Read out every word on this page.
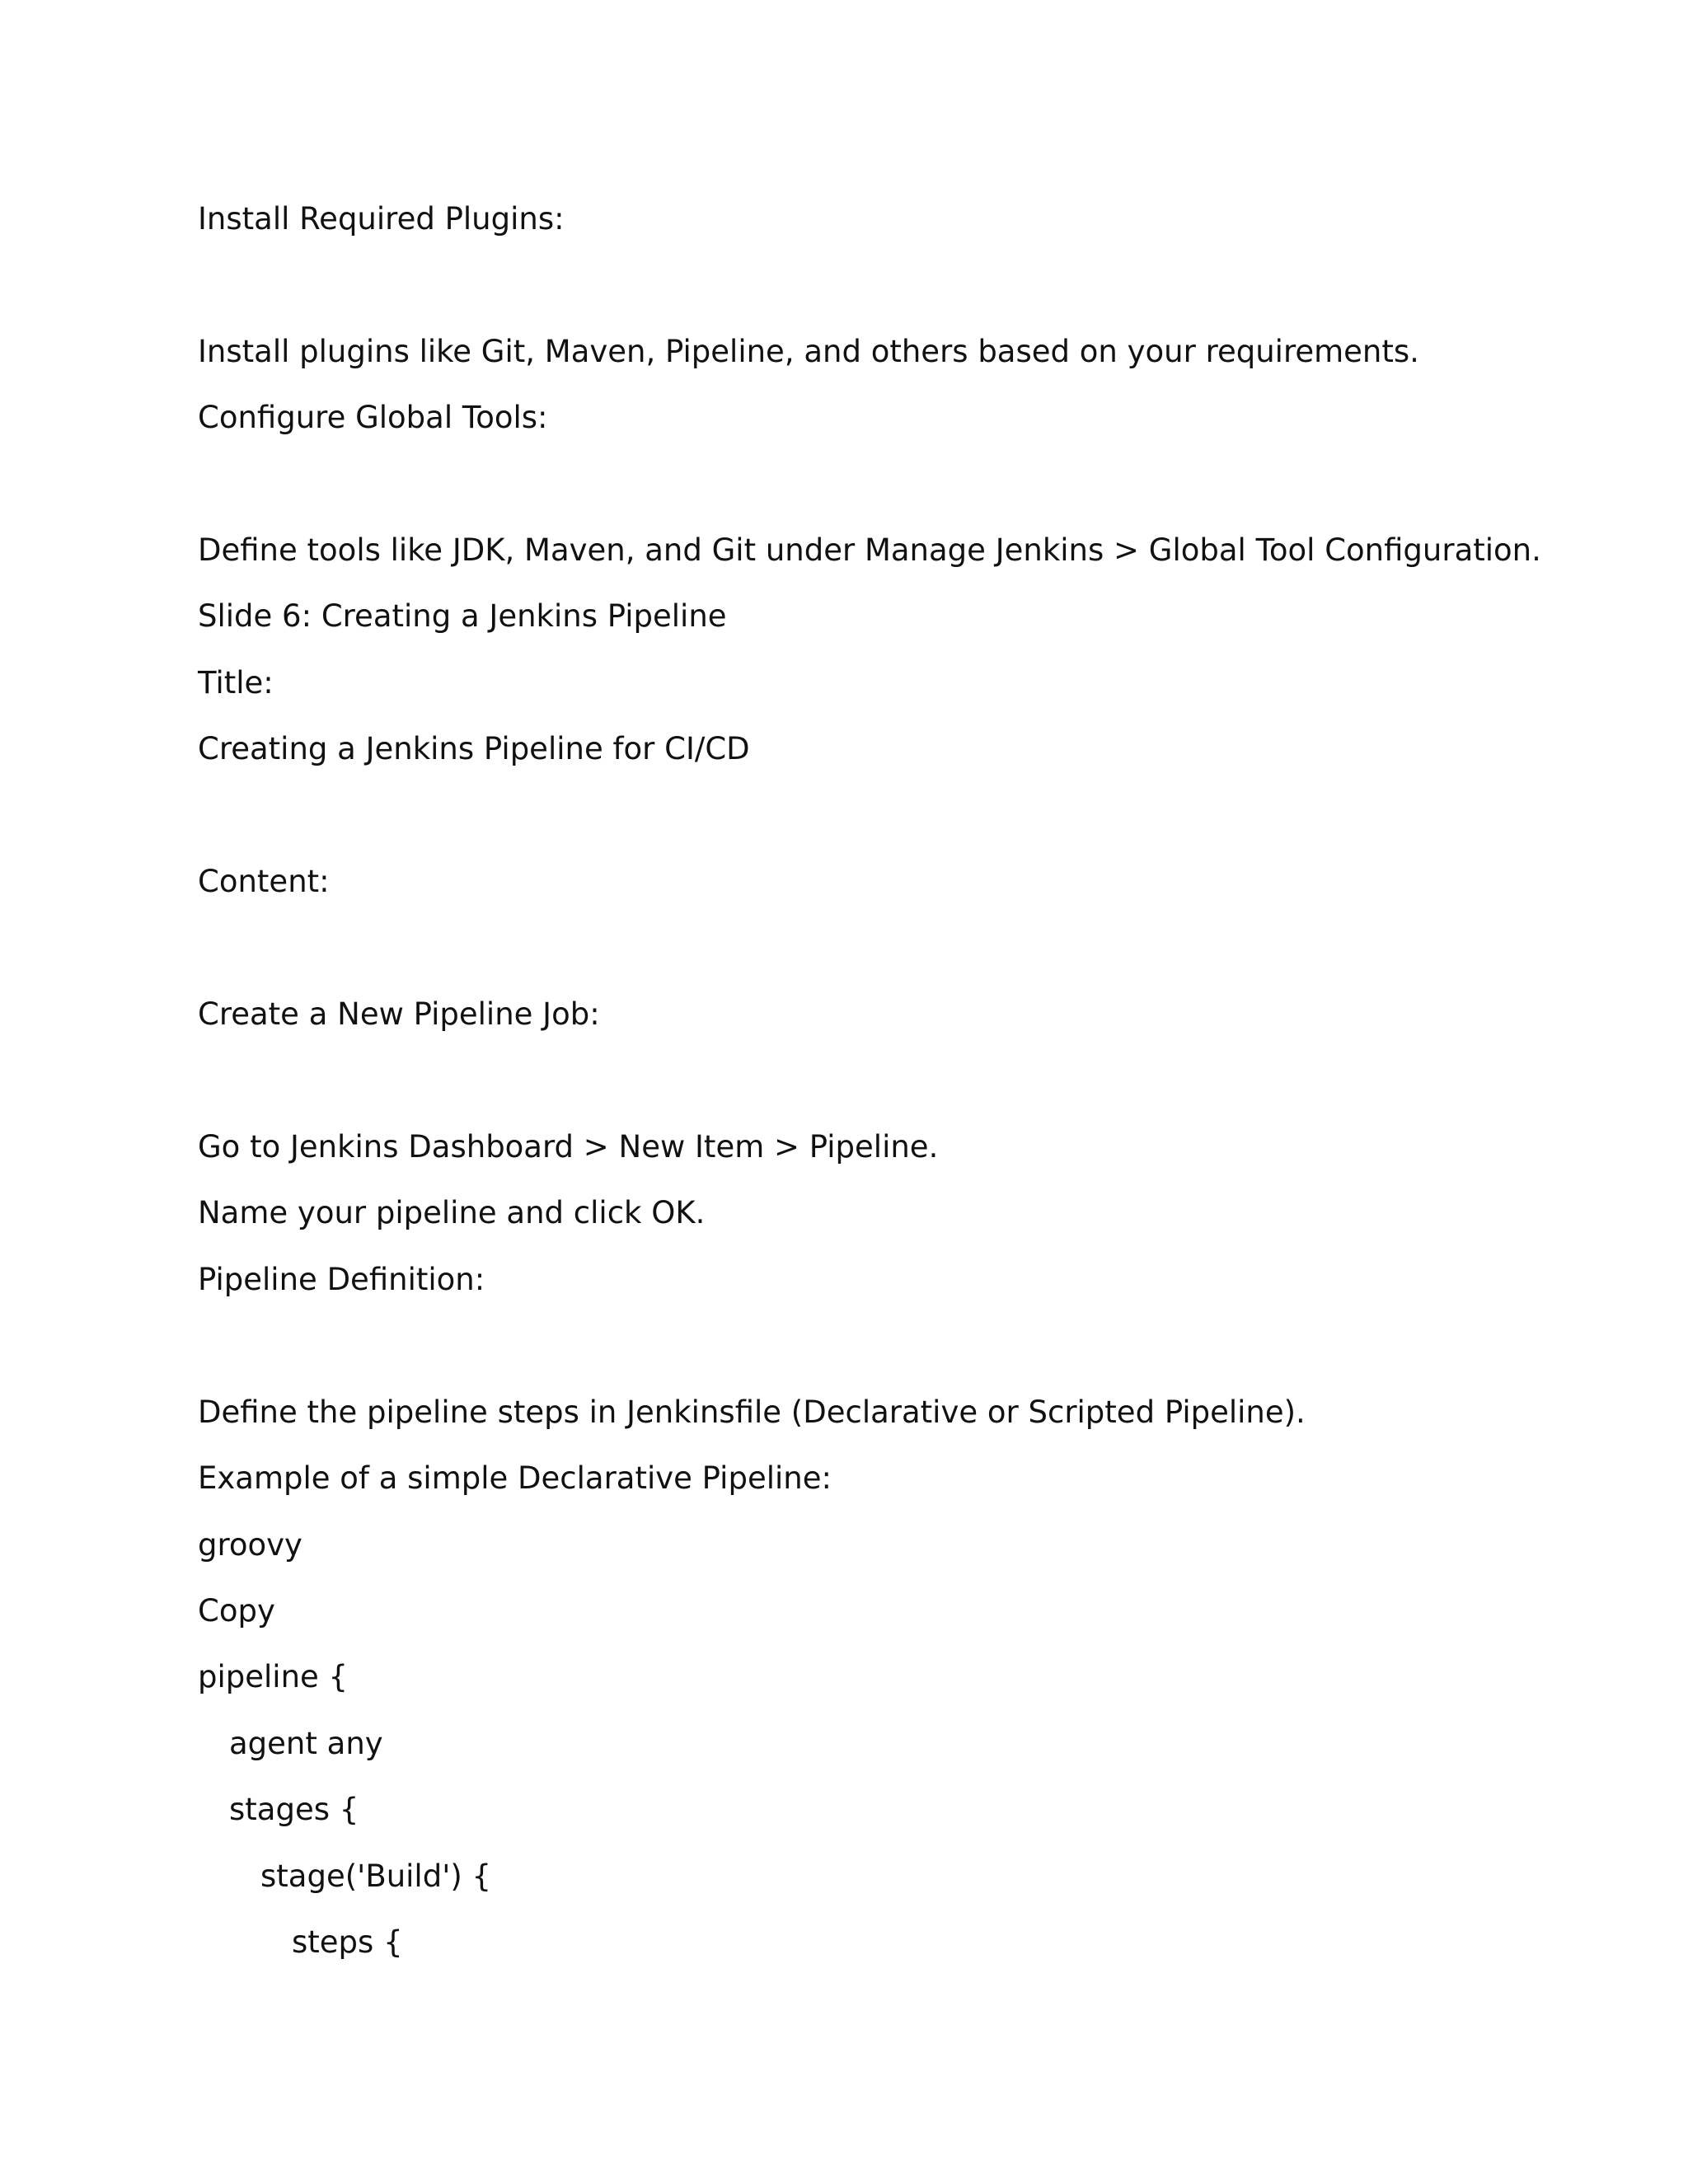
Install Required Plugins:

Install plugins like Git, Maven, Pipeline, and others based on your requirements.

Configure Global Tools:

Define tools like JDK, Maven, and Git under Manage Jenkins > Global Tool Configuration.

Slide 6: Creating a Jenkins Pipeline

Title:

Creating a Jenkins Pipeline for CI/CD

Content:

Create a New Pipeline Job:

Go to Jenkins Dashboard > New Item > Pipeline.

Name your pipeline and click OK.

Pipeline Definition:

Define the pipeline steps in Jenkinsfile (Declarative or Scripted Pipeline).

Example of a simple Declarative Pipeline:

groovy

Copy

pipeline {

agent any

stages {

stage('Build') {

steps {
